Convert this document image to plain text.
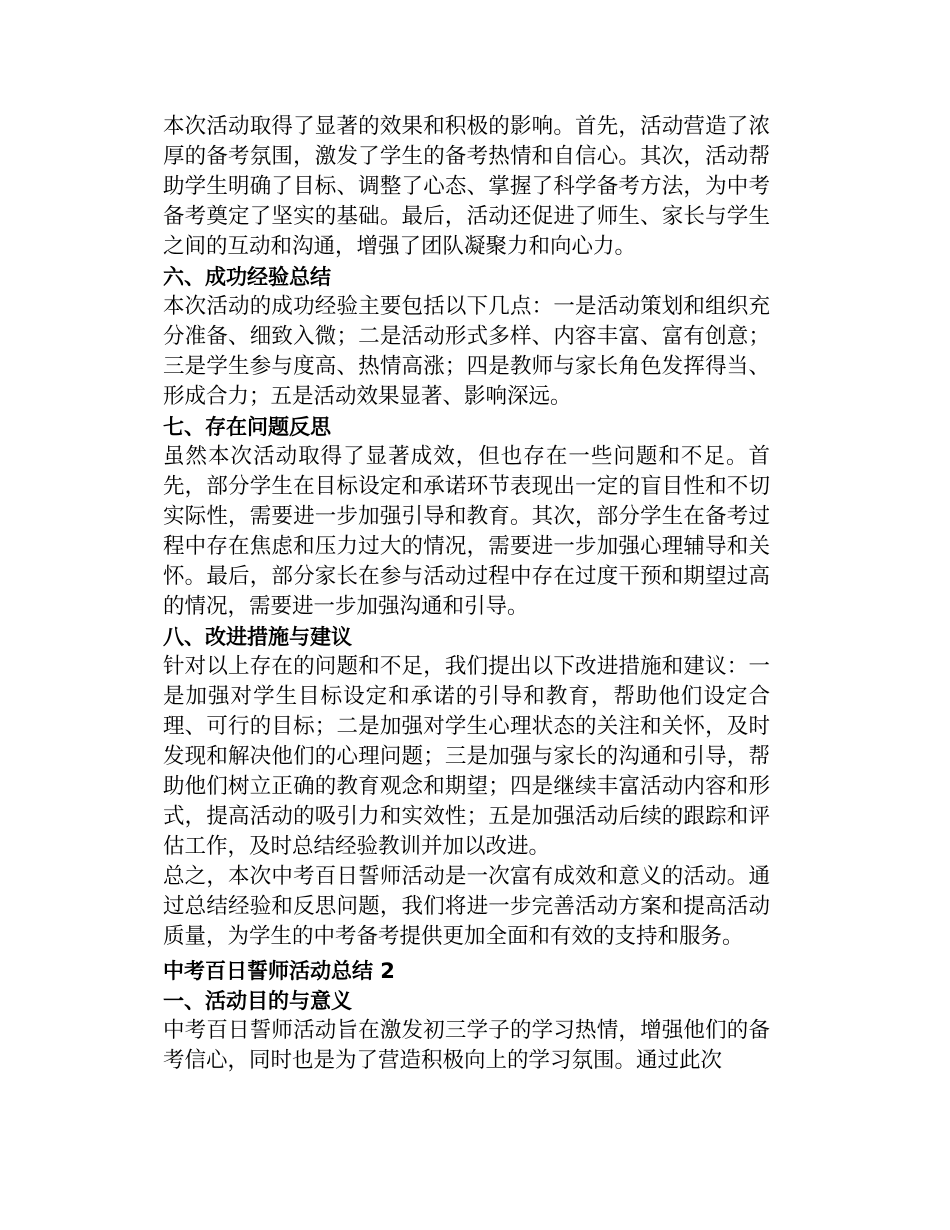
本次活动取得了显著的效果和积极的影响。首先，活动营造了浓厚的备考氛围，激发了学生的备考热情和自信心。其次，活动帮助学生明确了目标、调整了心态、掌握了科学备考方法，为中考备考奠定了坚实的基础。最后，活动还促进了师生、家长与学生之间的互动和沟通，增强了团队凝聚力和向心力。

六、成功经验总结

本次活动的成功经验主要包括以下几点：一是活动策划和组织充分准备、细致入微；二是活动形式多样、内容丰富、富有创意；三是学生参与度高、热情高涨；四是教师与家长角色发挥得当、形成合力；五是活动效果显著、影响深远。

七、存在问题反思

虽然本次活动取得了显著成效，但也存在一些问题和不足。首先，部分学生在目标设定和承诺环节表现出一定的盲目性和不切实际性，需要进一步加强引导和教育。其次，部分学生在备考过程中存在焦虑和压力过大的情况，需要进一步加强心理辅导和关怀。最后，部分家长在参与活动过程中存在过度干预和期望过高的情况，需要进一步加强沟通和引导。

八、改进措施与建议

针对以上存在的问题和不足，我们提出以下改进措施和建议：一是加强对学生目标设定和承诺的引导和教育，帮助他们设定合理、可行的目标；二是加强对学生心理状态的关注和关怀，及时发现和解决他们的心理问题；三是加强与家长的沟通和引导，帮助他们树立正确的教育观念和期望；四是继续丰富活动内容和形式，提高活动的吸引力和实效性；五是加强活动后续的跟踪和评估工作，及时总结经验教训并加以改进。

总之，本次中考百日誓师活动是一次富有成效和意义的活动。通过总结经验和反思问题，我们将进一步完善活动方案和提高活动质量，为学生的中考备考提供更加全面和有效的支持和服务。

中考百日誓师活动总结 2

一、活动目的与意义

中考百日誓师活动旨在激发初三学子的学习热情，增强他们的备考信心，同时也是为了营造积极向上的学习氛围。通过此次
